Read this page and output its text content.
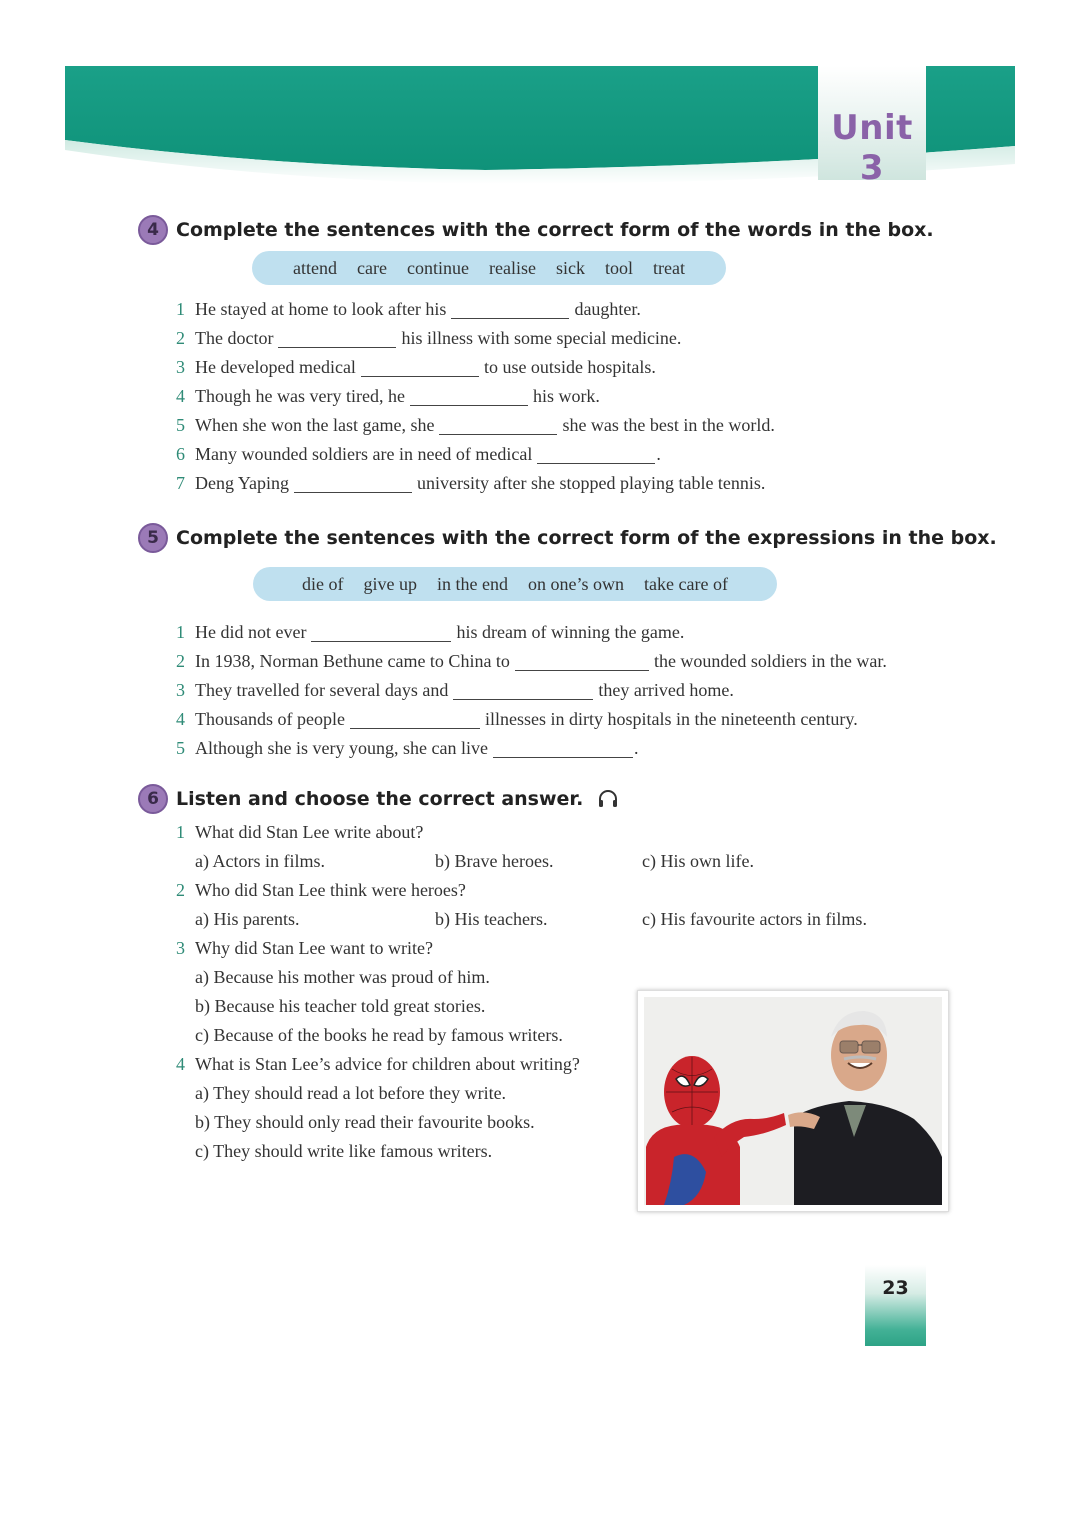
Unit 3
4 Complete the sentences with the correct form of the words in the box.
attend care continue realise sick tool treat
1 He stayed at home to look after his	daughter.
2 The doctor	his illness with some special medicine.
3 He developed medical	to use outside hospitals.
4 Though he was very tired, he	his work.
5 When she won the last game, she	she was the best in the world.
6 Many wounded soldiers are in need of medical	.
7 Deng Yaping	university after she stopped playing table tennis.
5 Complete the sentences with the correct form of the expressions in the box.
die of give up in the end on one’s own take care of
1 He did not ever	his dream of winning the game.
2 In 1938, Norman Bethune came to China to	the wounded soldiers in the war.
3 They travelled for several days and	they arrived home.
4 Thousands of people	illnesses in dirty hospitals in the nineteenth century.
5 Although she is very young, she can live	.
6 Listen and choose the correct answer.
1 What did Stan Lee write about?
a) Actors in films.	b) Brave heroes.	c) His own life.
2 Who did Stan Lee think were heroes?
a) His parents.	b) His teachers.	c) His favourite actors in films.
3 Why did Stan Lee want to write?
a) Because his mother was proud of him.
b) Because his teacher told great stories.
c) Because of the books he read by famous writers.
4 What is Stan Lee’s advice for children about writing?
a) They should read a lot before they write.
b) They should only read their favourite books.
c) They should write like famous writers.
23
